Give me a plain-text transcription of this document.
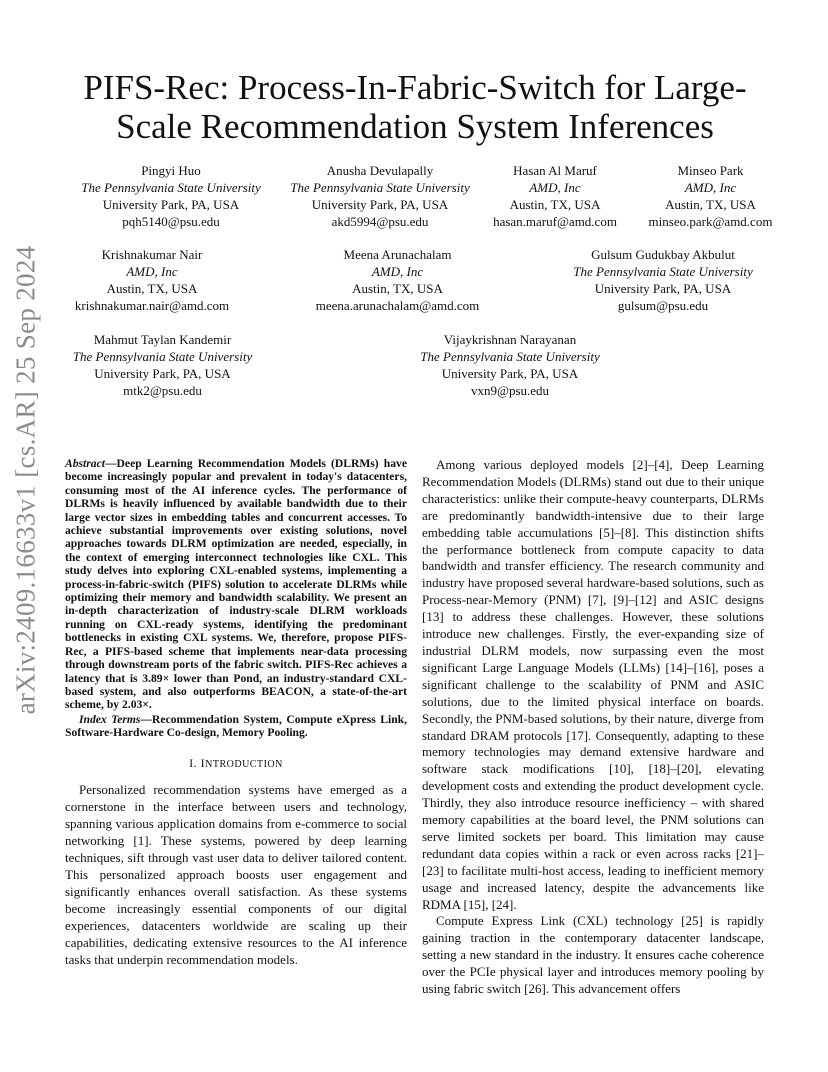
arXiv:2409.16633v1 [cs.AR] 25 Sep 2024
PIFS-Rec: Process-In-Fabric-Switch for Large-Scale Recommendation System Inferences
Pingyi Huo
The Pennsylvania State University
University Park, PA, USA
pqh5140@psu.edu
Anusha Devulapally
The Pennsylvania State University
University Park, PA, USA
akd5994@psu.edu
Hasan Al Maruf
AMD, Inc
Austin, TX, USA
hasan.maruf@amd.com
Minseo Park
AMD, Inc
Austin, TX, USA
minseo.park@amd.com
Krishnakumar Nair
AMD, Inc
Austin, TX, USA
krishnakumar.nair@amd.com
Meena Arunachalam
AMD, Inc
Austin, TX, USA
meena.arunachalam@amd.com
Gulsum Gudukbay Akbulut
The Pennsylvania State University
University Park, PA, USA
gulsum@psu.edu
Mahmut Taylan Kandemir
The Pennsylvania State University
University Park, PA, USA
mtk2@psu.edu
Vijaykrishnan Narayanan
The Pennsylvania State University
University Park, PA, USA
vxn9@psu.edu

Abstract—Deep Learning Recommendation Models (DLRMs) have become increasingly popular and prevalent in today's datacenters, consuming most of the AI inference cycles. The performance of DLRMs is heavily influenced by available bandwidth due to their large vector sizes in embedding tables and concurrent accesses. To achieve substantial improvements over existing solutions, novel approaches towards DLRM optimization are needed, especially, in the context of emerging interconnect technologies like CXL. This study delves into exploring CXL-enabled systems, implementing a process-in-fabric-switch (PIFS) solution to accelerate DLRMs while optimizing their memory and bandwidth scalability. We present an in-depth characterization of industry-scale DLRM workloads running on CXL-ready systems, identifying the predominant bottlenecks in existing CXL systems. We, therefore, propose PIFS-Rec, a PIFS-based scheme that implements near-data processing through downstream ports of the fabric switch. PIFS-Rec achieves a latency that is 3.89× lower than Pond, an industry-standard CXL-based system, and also outperforms BEACON, a state-of-the-art scheme, by 2.03×.

Index Terms—Recommendation System, Compute eXpress Link, Software-Hardware Co-design, Memory Pooling.

I. INTRODUCTION

Personalized recommendation systems have emerged as a cornerstone in the interface between users and technology, spanning various application domains from e-commerce to social networking [1]. These systems, powered by deep learning techniques, sift through vast user data to deliver tailored content. This personalized approach boosts user engagement and significantly enhances overall satisfaction. As these systems become increasingly essential components of our digital experiences, datacenters worldwide are scaling up their capabilities, dedicating extensive resources to the AI inference tasks that underpin recommendation models.

Among various deployed models [2]–[4], Deep Learning Recommendation Models (DLRMs) stand out due to their unique characteristics: unlike their compute-heavy counterparts, DLRMs are predominantly bandwidth-intensive due to their large embedding table accumulations [5]–[8]. This distinction shifts the performance bottleneck from compute capacity to data bandwidth and transfer efficiency. The research community and industry have proposed several hardware-based solutions, such as Process-near-Memory (PNM) [7], [9]–[12] and ASIC designs [13] to address these challenges. However, these solutions introduce new challenges. Firstly, the ever-expanding size of industrial DLRM models, now surpassing even the most significant Large Language Models (LLMs) [14]–[16], poses a significant challenge to the scalability of PNM and ASIC solutions, due to the limited physical interface on boards. Secondly, the PNM-based solutions, by their nature, diverge from standard DRAM protocols [17]. Consequently, adapting to these memory technologies may demand extensive hardware and software stack modifications [10], [18]–[20], elevating development costs and extending the product development cycle. Thirdly, they also introduce resource inefficiency – with shared memory capabilities at the board level, the PNM solutions can serve limited sockets per board. This limitation may cause redundant data copies within a rack or even across racks [21]–[23] to facilitate multi-host access, leading to inefficient memory usage and increased latency, despite the advancements like RDMA [15], [24].

Compute Express Link (CXL) technology [25] is rapidly gaining traction in the contemporary datacenter landscape, setting a new standard in the industry. It ensures cache coherence over the PCIe physical layer and introduces memory pooling by using fabric switch [26]. This advancement offers
